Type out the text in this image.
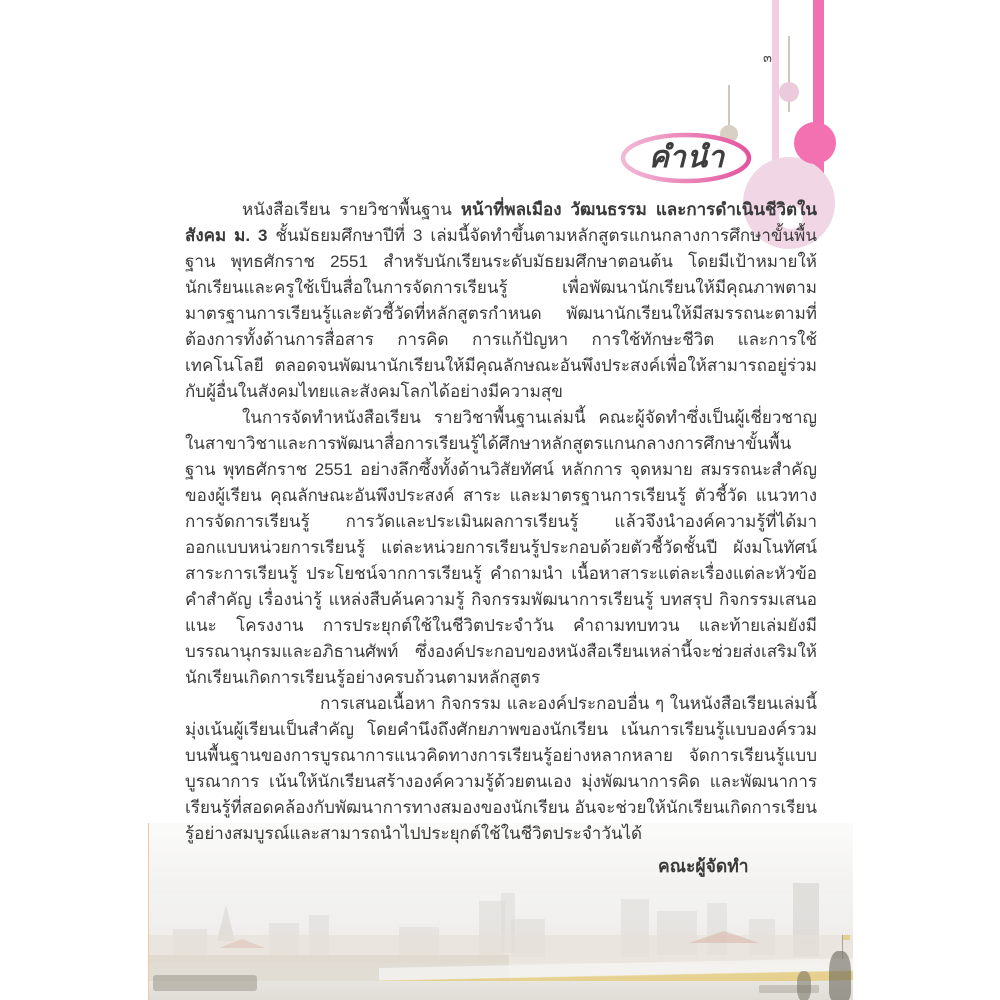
๓
คำนำ

หนังสือเรียน รายวิชาพื้นฐาน หน้าที่พลเมือง วัฒนธรรม และการดำเนินชีวิตในสังคม ม. 3 ชั้นมัธยมศึกษาปีที่ 3 เล่มนี้จัดทำขึ้นตามหลักสูตรแกนกลางการศึกษาขั้นพื้นฐาน พุทธศักราช 2551 สำหรับนักเรียนระดับมัธยมศึกษาตอนต้น โดยมีเป้าหมายให้นักเรียนและครูใช้เป็นสื่อในการจัดการเรียนรู้ เพื่อพัฒนานักเรียนให้มีคุณภาพตามมาตรฐานการเรียนรู้และตัวชี้วัดที่หลักสูตรกำหนด พัฒนานักเรียนให้มีสมรรถนะตามที่ต้องการทั้งด้านการสื่อสาร การคิด การแก้ปัญหา การใช้ทักษะชีวิต และการใช้เทคโนโลยี ตลอดจนพัฒนานักเรียนให้มีคุณลักษณะอันพึงประสงค์เพื่อให้สามารถอยู่ร่วมกับผู้อื่นในสังคมไทยและสังคมโลกได้อย่างมีความสุข

ในการจัดทำหนังสือเรียน รายวิชาพื้นฐานเล่มนี้ คณะผู้จัดทำซึ่งเป็นผู้เชี่ยวชาญในสาขาวิชาและการพัฒนาสื่อการเรียนรู้ได้ศึกษาหลักสูตรแกนกลางการศึกษาขั้นพื้นฐาน พุทธศักราช 2551 อย่างลึกซึ้งทั้งด้านวิสัยทัศน์ หลักการ จุดหมาย สมรรถนะสำคัญของผู้เรียน คุณลักษณะอันพึงประสงค์ สาระ และมาตรฐานการเรียนรู้ ตัวชี้วัด แนวทางการจัดการเรียนรู้ การวัดและประเมินผลการเรียนรู้ แล้วจึงนำองค์ความรู้ที่ได้มาออกแบบหน่วยการเรียนรู้ แต่ละหน่วยการเรียนรู้ประกอบด้วยตัวชี้วัดชั้นปี ผังมโนทัศน์สาระการเรียนรู้ ประโยชน์จากการเรียนรู้ คำถามนำ เนื้อหาสาระแต่ละเรื่องแต่ละหัวข้อ คำสำคัญ เรื่องน่ารู้ แหล่งสืบค้นความรู้ กิจกรรมพัฒนาการเรียนรู้ บทสรุป กิจกรรมเสนอแนะ โครงงาน การประยุกต์ใช้ในชีวิตประจำวัน คำถามทบทวน และท้ายเล่มยังมีบรรณานุกรมและอภิธานศัพท์ ซึ่งองค์ประกอบของหนังสือเรียนเหล่านี้จะช่วยส่งเสริมให้นักเรียนเกิดการเรียนรู้อย่างครบถ้วนตามหลักสูตร

การเสนอเนื้อหา กิจกรรม และองค์ประกอบอื่น ๆ ในหนังสือเรียนเล่มนี้มุ่งเน้นผู้เรียนเป็นสำคัญ โดยคำนึงถึงศักยภาพของนักเรียน เน้นการเรียนรู้แบบองค์รวมบนพื้นฐานของการบูรณาการแนวคิดทางการเรียนรู้อย่างหลากหลาย จัดการเรียนรู้แบบบูรณาการ เน้นให้นักเรียนสร้างองค์ความรู้ด้วยตนเอง มุ่งพัฒนาการคิด และพัฒนาการเรียนรู้ที่สอดคล้องกับพัฒนาการทางสมองของนักเรียน อันจะช่วยให้นักเรียนเกิดการเรียนรู้อย่างสมบูรณ์และสามารถนำไปประยุกต์ใช้ในชีวิตประจำวันได้

คณะผู้จัดทำ
